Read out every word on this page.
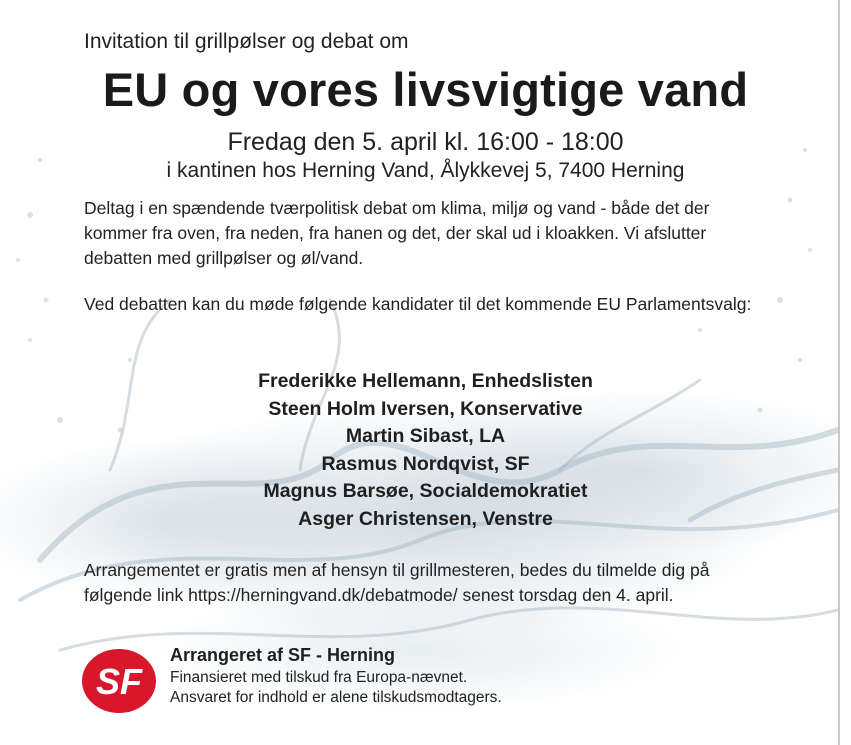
Invitation til grillpølser og debat om
EU og vores livsvigtige vand
Fredag den 5. april kl. 16:00 - 18:00
i kantinen hos Herning Vand, Ålykkevej 5, 7400 Herning
Deltag i en spændende tværpolitisk debat om klima, miljø og vand - både det der kommer fra oven, fra neden, fra hanen og det, der skal ud i kloakken. Vi afslutter debatten med grillpølser og øl/vand.
Ved debatten kan du møde følgende kandidater til det kommende EU Parlamentsvalg:
Frederikke Hellemann, Enhedslisten
Steen Holm Iversen, Konservative
Martin Sibast, LA
Rasmus Nordqvist, SF
Magnus Barsøe, Socialdemokratiet
Asger Christensen, Venstre
Arrangementet er gratis men af hensyn til grillmesteren, bedes du tilmelde dig på følgende link https://herningvand.dk/debatmode/ senest torsdag den 4. april.
SF
Arrangeret af SF - Herning
Finansieret med tilskud fra Europa-nævnet.
Ansvaret for indhold er alene tilskudsmodtagers.
